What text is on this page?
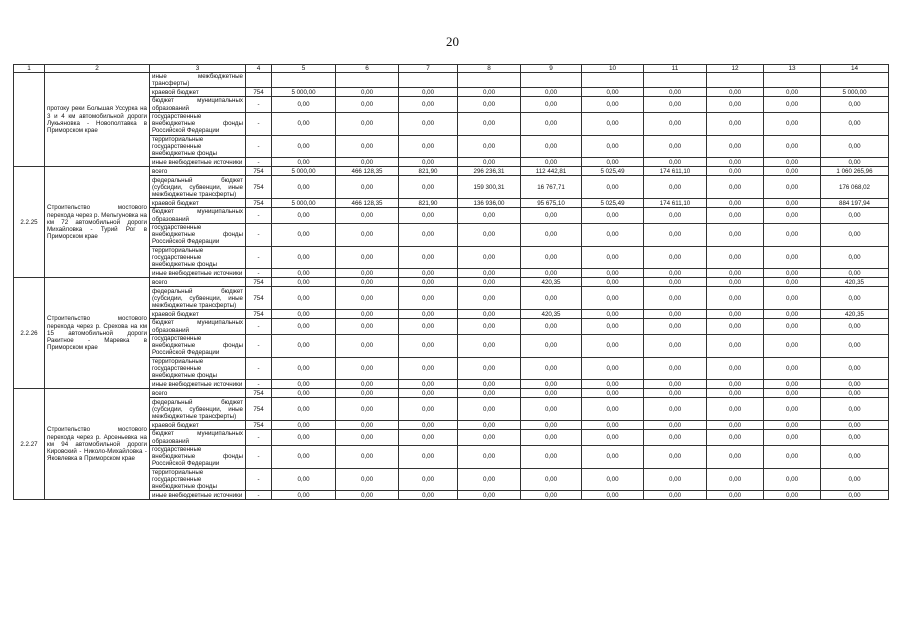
20
1	2	3	4	5	6	7	8	9	10	11	12	13	14
	протоку реки Большая Уссурка на 3 и 4 км автомобильной дороги Лукьяновка - Новополтавка в Приморском крае	иные межбюджетные трансферты)											
		краевой бюджет	754	5 000,00	0,00	0,00	0,00	0,00	0,00	0,00	0,00	0,00	5 000,00
		бюджет муниципальных образований	-	0,00	0,00	0,00	0,00	0,00	0,00	0,00	0,00	0,00	0,00
		государственные внебюджетные фонды Российской Федерации	-	0,00	0,00	0,00	0,00	0,00	0,00	0,00	0,00	0,00	0,00
		территориальные государственные внебюджетные фонды	-	0,00	0,00	0,00	0,00	0,00	0,00	0,00	0,00	0,00	0,00
		иные внебюджетные источники	-	0,00	0,00	0,00	0,00	0,00	0,00	0,00	0,00	0,00	0,00
2.2.25	Строительство мостового перехода через р. Мельгуновка на км 72 автомобильной дороги Михайловка - Турий Рог в Приморском крае	всего	754	5 000,00	466 128,35	821,90	296 236,31	112 442,81	5 025,49	174 611,10	0,00	0,00	1 060 265,96
		федеральный бюджет (субсидии, субвенции, иные межбюджетные трансферты)	754	0,00	0,00	0,00	159 300,31	16 767,71	0,00	0,00	0,00	0,00	176 068,02
		краевой бюджет	754	5 000,00	466 128,35	821,90	136 936,00	95 675,10	5 025,49	174 611,10	0,00	0,00	884 197,94
		бюджет муниципальных образований	-	0,00	0,00	0,00	0,00	0,00	0,00	0,00	0,00	0,00	0,00
		государственные внебюджетные фонды Российской Федерации	-	0,00	0,00	0,00	0,00	0,00	0,00	0,00	0,00	0,00	0,00
		территориальные государственные внебюджетные фонды	-	0,00	0,00	0,00	0,00	0,00	0,00	0,00	0,00	0,00	0,00
		иные внебюджетные источники	-	0,00	0,00	0,00	0,00	0,00	0,00	0,00	0,00	0,00	0,00
2.2.26	Строительство мостового перехода через р. Срехова на км 15 автомобильной дороги Ракитное - Маревка в Приморском крае	всего	754	0,00	0,00	0,00	0,00	420,35	0,00	0,00	0,00	0,00	420,35
		федеральный бюджет (субсидии, субвенции, иные межбюджетные трансферты)	754	0,00	0,00	0,00	0,00	0,00	0,00	0,00	0,00	0,00	0,00
		краевой бюджет	754	0,00	0,00	0,00	0,00	420,35	0,00	0,00	0,00	0,00	420,35
		бюджет муниципальных образований	-	0,00	0,00	0,00	0,00	0,00	0,00	0,00	0,00	0,00	0,00
		государственные внебюджетные фонды Российской Федерации	-	0,00	0,00	0,00	0,00	0,00	0,00	0,00	0,00	0,00	0,00
		территориальные государственные внебюджетные фонды	-	0,00	0,00	0,00	0,00	0,00	0,00	0,00	0,00	0,00	0,00
		иные внебюджетные источники	-	0,00	0,00	0,00	0,00	0,00	0,00	0,00	0,00	0,00	0,00
2.2.27	Строительство мостового перехода через р. Арсеньевка на км 94 автомобильной дороги Кировский - Николо-Михайловка - Яковлевка в Приморском крае	всего	754	0,00	0,00	0,00	0,00	0,00	0,00	0,00	0,00	0,00	0,00
		федеральный бюджет (субсидии, субвенции, иные межбюджетные трансферты)	754	0,00	0,00	0,00	0,00	0,00	0,00	0,00	0,00	0,00	0,00
		краевой бюджет	754	0,00	0,00	0,00	0,00	0,00	0,00	0,00	0,00	0,00	0,00
		бюджет муниципальных образований	-	0,00	0,00	0,00	0,00	0,00	0,00	0,00	0,00	0,00	0,00
		государственные внебюджетные фонды Российской Федерации	-	0,00	0,00	0,00	0,00	0,00	0,00	0,00	0,00	0,00	0,00
		территориальные государственные внебюджетные фонды	-	0,00	0,00	0,00	0,00	0,00	0,00	0,00	0,00	0,00	0,00
		иные внебюджетные источники	-	0,00	0,00	0,00	0,00	0,00	0,00	0,00	0,00	0,00	0,00
